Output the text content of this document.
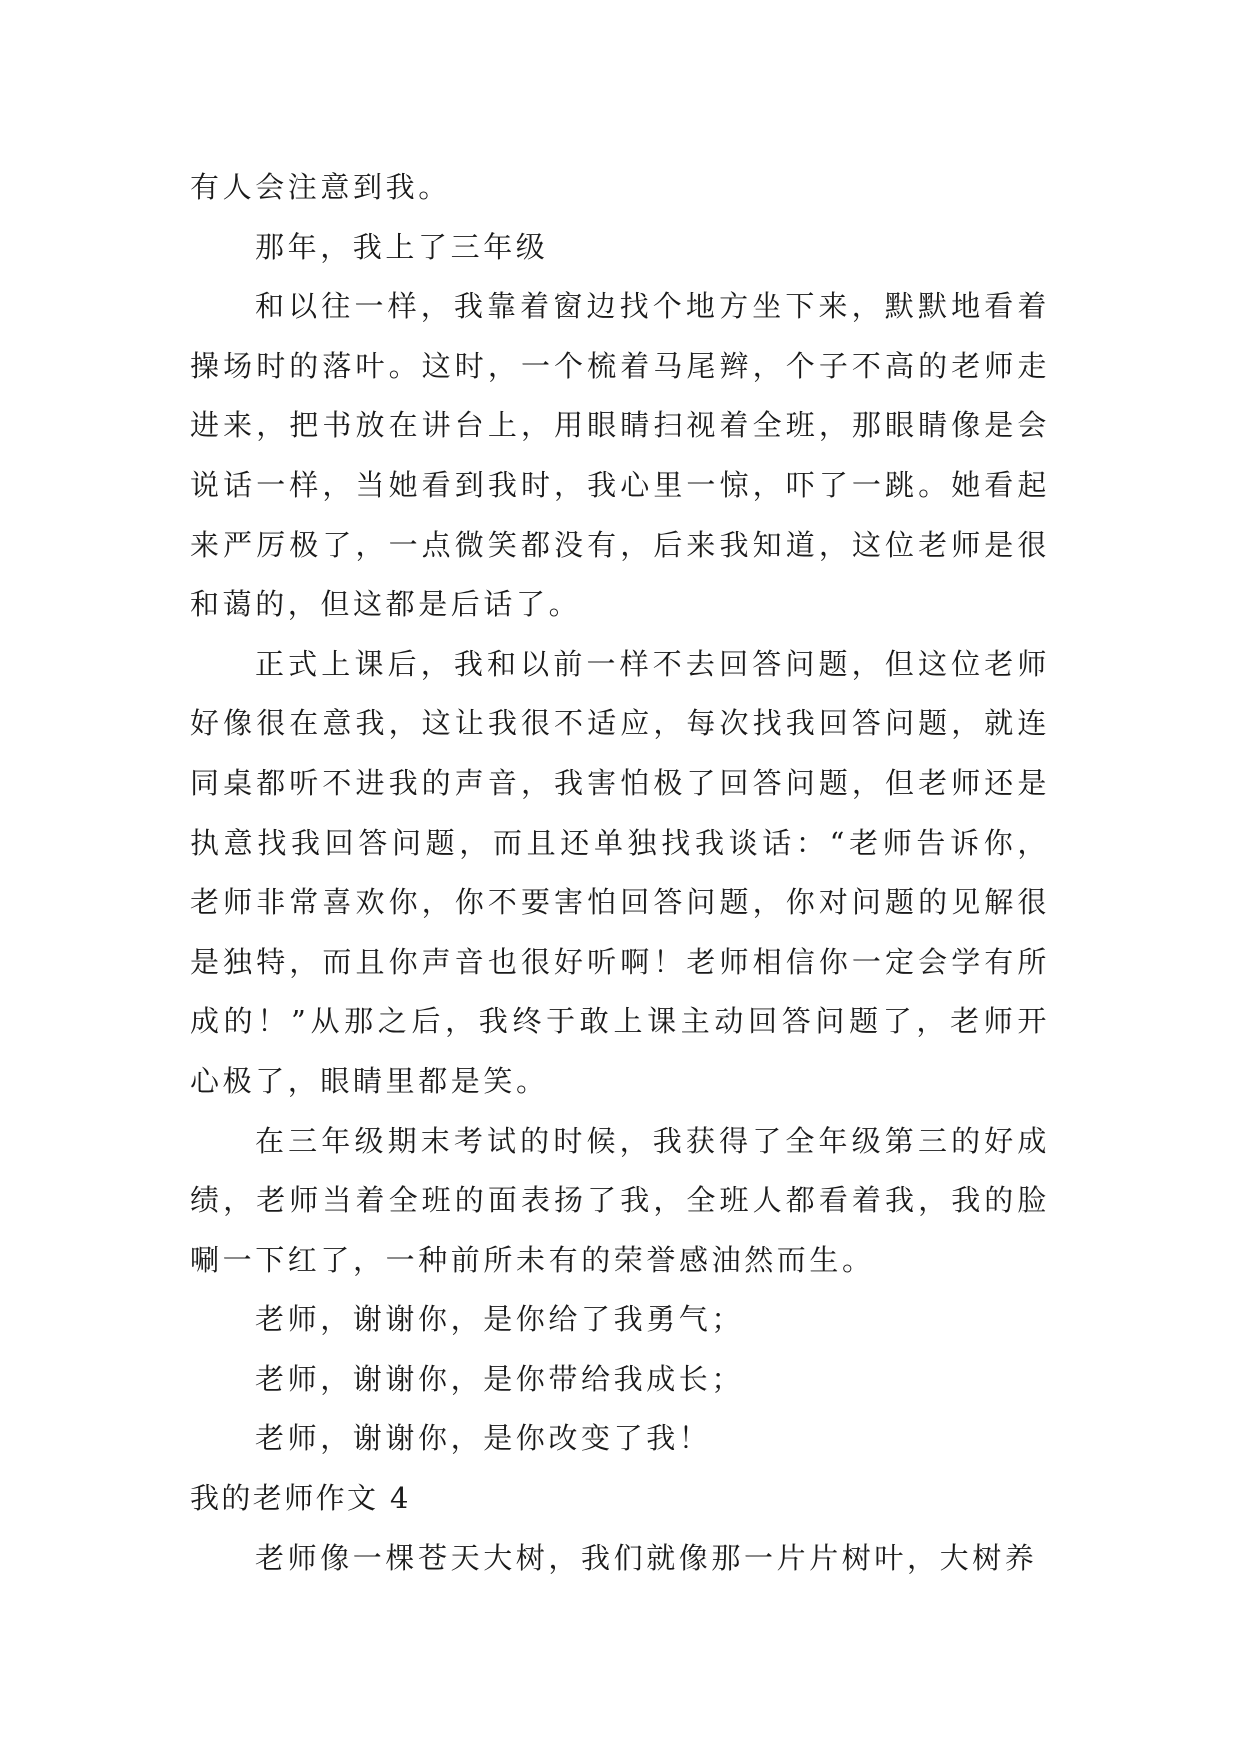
有人会注意到我。

那年，我上了三年级

和以往一样，我靠着窗边找个地方坐下来，默默地看着操场时的落叶。这时，一个梳着马尾辫，个子不高的老师走进来，把书放在讲台上，用眼睛扫视着全班，那眼睛像是会说话一样，当她看到我时，我心里一惊，吓了一跳。她看起来严厉极了，一点微笑都没有，后来我知道，这位老师是很和蔼的，但这都是后话了。

正式上课后，我和以前一样不去回答问题，但这位老师好像很在意我，这让我很不适应，每次找我回答问题，就连同桌都听不进我的声音，我害怕极了回答问题，但老师还是执意找我回答问题，而且还单独找我谈话：“老师告诉你，老师非常喜欢你，你不要害怕回答问题，你对问题的见解很是独特，而且你声音也很好听啊！老师相信你一定会学有所成的！”从那之后，我终于敢上课主动回答问题了，老师开心极了，眼睛里都是笑。

在三年级期末考试的时候，我获得了全年级第三的好成绩，老师当着全班的面表扬了我，全班人都看着我，我的脸唰一下红了，一种前所未有的荣誉感油然而生。

老师，谢谢你，是你给了我勇气；

老师，谢谢你，是你带给我成长；

老师，谢谢你，是你改变了我！

我的老师作文 4

老师像一棵苍天大树，我们就像那一片片树叶，大树养
